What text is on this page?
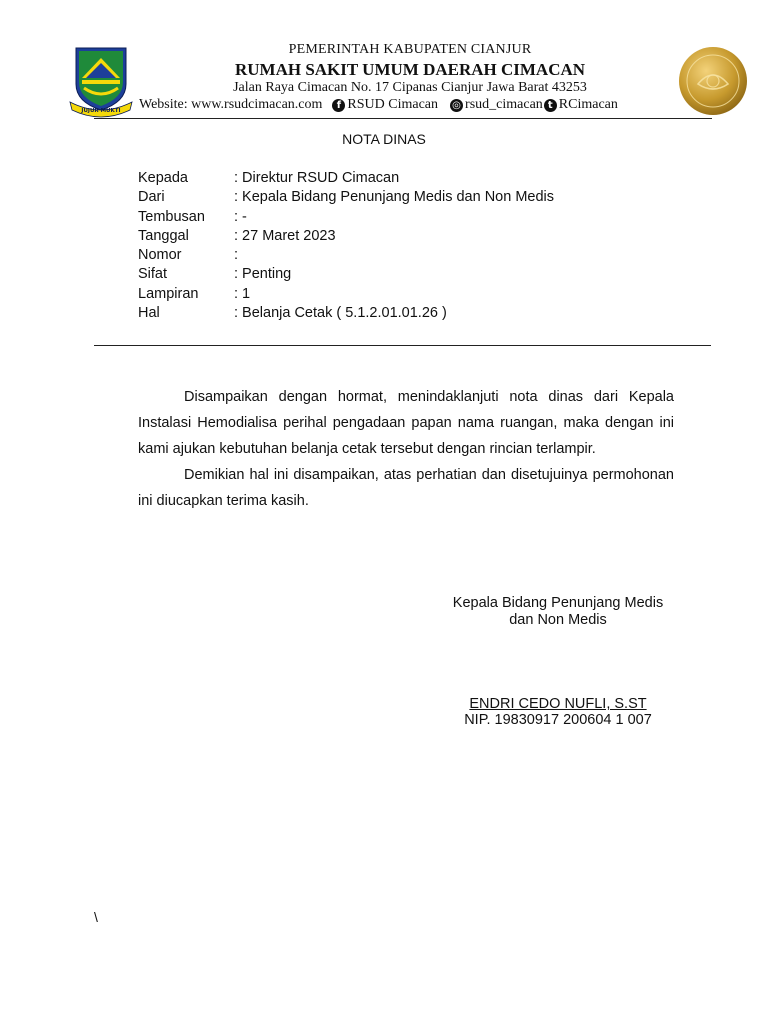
JUJUR MUKTI
PEMERINTAH KABUPATEN CIANJUR
RUMAH SAKIT UMUM DAERAH CIMACAN
Jalan Raya Cimacan No. 17 Cipanas Cianjur Jawa Barat 43253
Website: www.rsudcimacan.com	f RSUD Cimacan ◎ rsud_cimacan t RCimacan
NOTA DINAS
Kepada	: Direktur RSUD Cimacan
Dari	: Kepala Bidang Penunjang Medis dan Non Medis
Tembusan	: -
Tanggal	: 27 Maret 2023
Nomor	:
Sifat	: Penting
Lampiran	: 1
Hal	: Belanja Cetak ( 5.1.2.01.01.26 )

Disampaikan dengan hormat, menindaklanjuti nota dinas dari Kepala Instalasi Hemodialisa perihal pengadaan papan nama ruangan, maka dengan ini kami ajukan kebutuhan belanja cetak tersebut dengan rincian terlampir.

Demikian hal ini disampaikan, atas perhatian dan disetujuinya permohonan ini diucapkan terima kasih.

Kepala Bidang Penunjang Medis
dan Non Medis
ENDRI CEDO NUFLI, S.ST
NIP. 19830917 200604 1 007
\
